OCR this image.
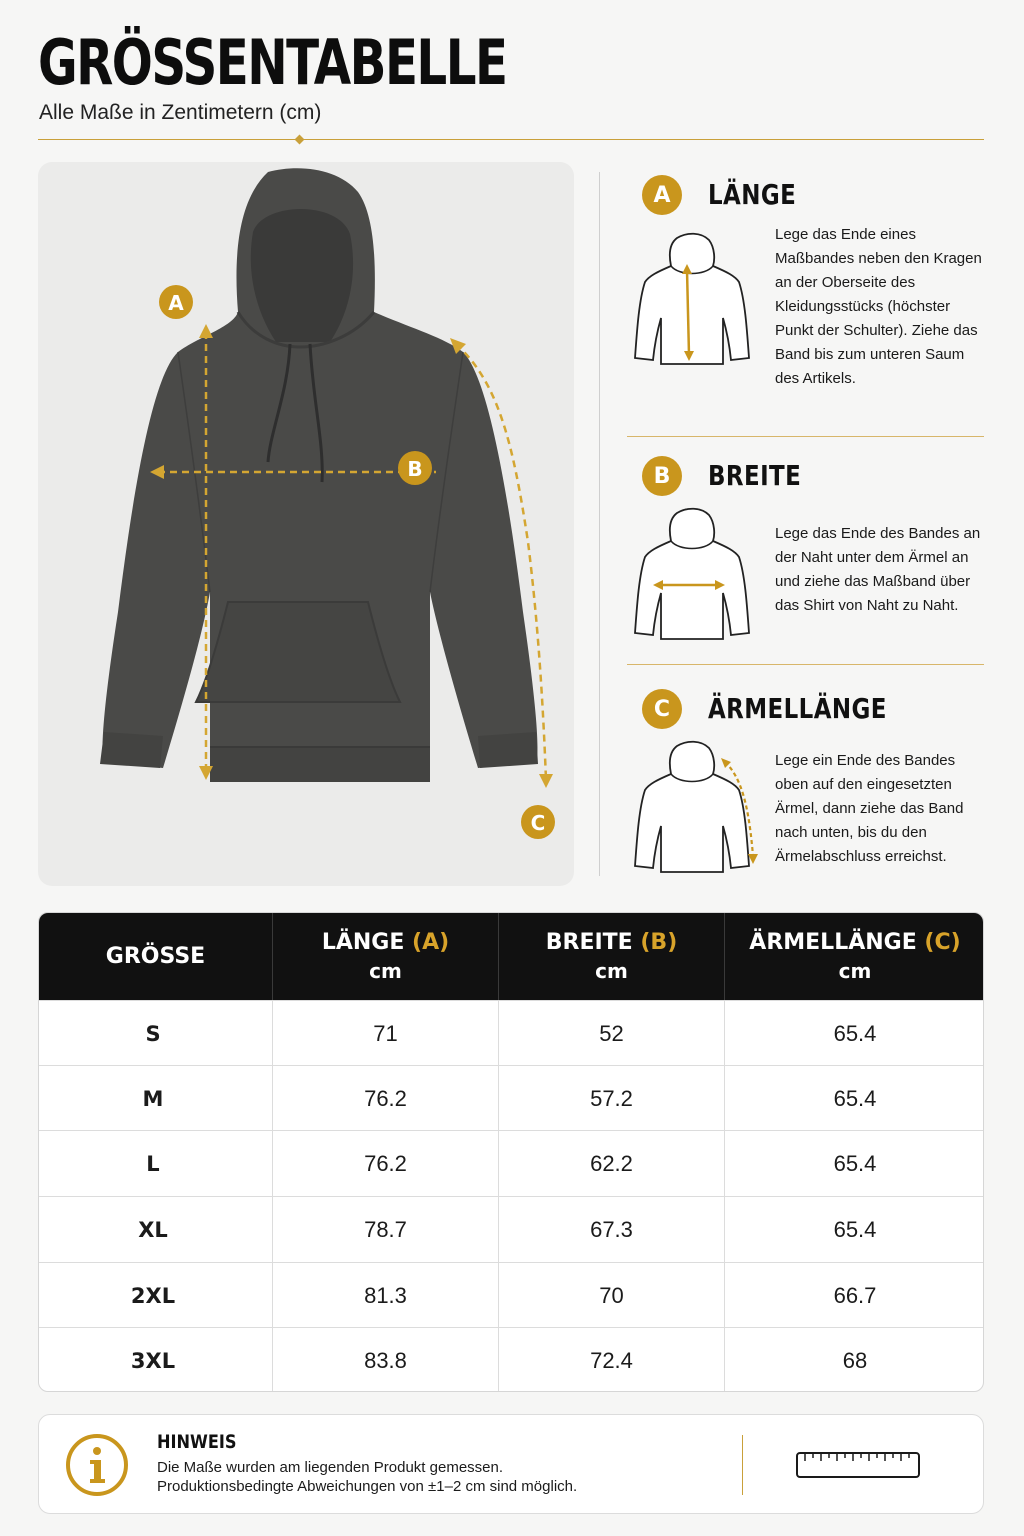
GRÖSSENTABELLE
Alle Maße in Zentimetern (cm)
A
B
C
A	LÄNGE
Lege das Ende eines Maßbandes neben den Kragen an der Oberseite des Kleidungsstücks (höchster Punkt der Schulter). Ziehe das Band bis zum unteren Saum des Artikels.
B	BREITE
Lege das Ende des Bandes an der Naht unter dem Ärmel an und ziehe das Maßband über das Shirt von Naht zu Naht.
C	ÄRMELLÄNGE
Lege ein Ende des Bandes oben auf den eingesetzten Ärmel, dann ziehe das Band nach unten, bis du den Ärmelabschluss erreichst.
GRÖSSE
LÄNGE (A)
cm
BREITE (B)
cm
ÄRMELLÄNGE (C)
cm
S	71	52	65.4
M	76.2	57.2	65.4
L	76.2	62.2	65.4
XL	78.7	67.3	65.4
2XL	81.3	70	66.7
3XL	83.8	72.4	68
HINWEIS
Die Maße wurden am liegenden Produkt gemessen.
Produktionsbedingte Abweichungen von ±1–2 cm sind möglich.
